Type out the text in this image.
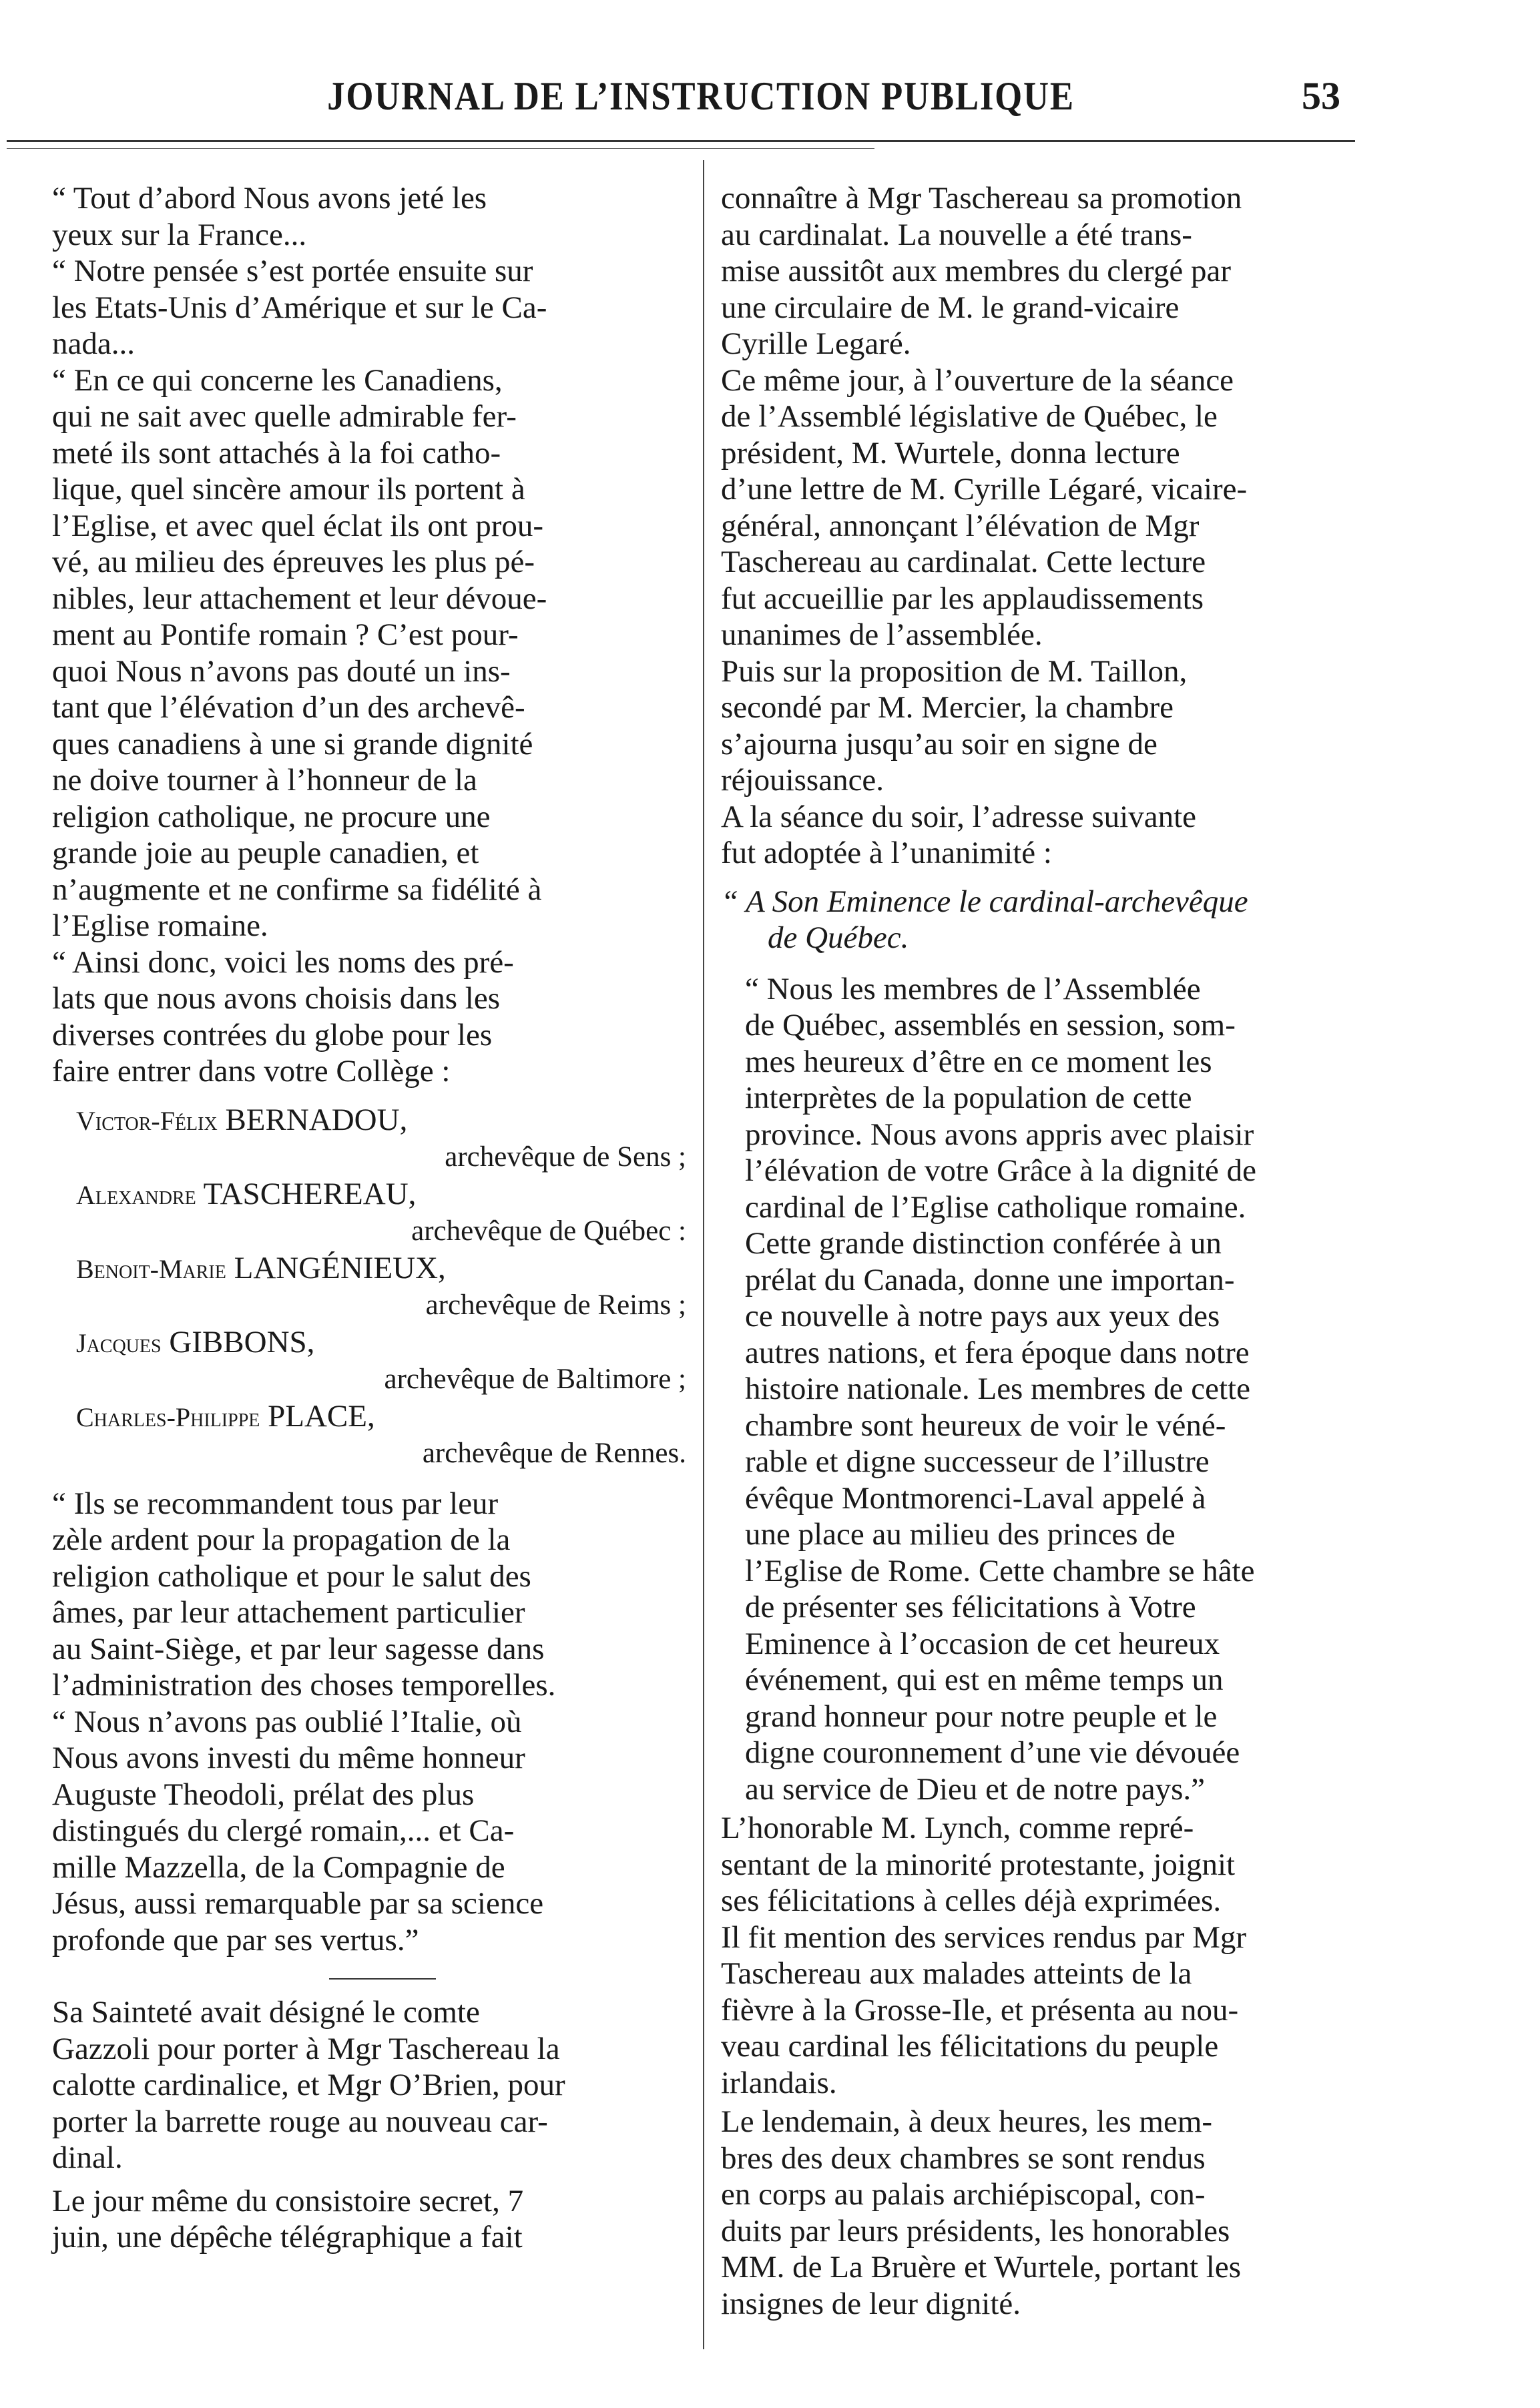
JOURNAL DE L’INSTRUCTION PUBLIQUE	53
“ Tout d’abord Nous avons jeté les
yeux sur la France...
“ Notre pensée s’est portée ensuite sur
les Etats-Unis d’Amérique et sur le Ca-
nada...
“ En ce qui concerne les Canadiens,
qui ne sait avec quelle admirable fer-
meté ils sont attachés à la foi catho-
lique, quel sincère amour ils portent à
l’Eglise, et avec quel éclat ils ont prou-
vé, au milieu des épreuves les plus pé-
nibles, leur attachement et leur dévoue-
ment au Pontife romain ? C’est pour-
quoi Nous n’avons pas douté un ins-
tant que l’élévation d’un des archevê-
ques canadiens à une si grande dignité
ne doive tourner à l’honneur de la
religion catholique, ne procure une
grande joie au peuple canadien, et
n’augmente et ne confirme sa fidélité à
l’Eglise romaine.
“ Ainsi donc, voici les noms des pré-
lats que nous avons choisis dans les
diverses contrées du globe pour les
faire entrer dans votre Collège :
Victor-Félix BERNADOU,
archevêque de Sens ;
Alexandre TASCHEREAU,
archevêque de Québec :
Benoit-Marie LANGÉNIEUX,
archevêque de Reims ;
Jacques GIBBONS,
archevêque de Baltimore ;
Charles-Philippe PLACE,
archevêque de Rennes.
“ Ils se recommandent tous par leur
zèle ardent pour la propagation de la
religion catholique et pour le salut des
âmes, par leur attachement particulier
au Saint-Siège, et par leur sagesse dans
l’administration des choses temporelles.
“ Nous n’avons pas oublié l’Italie, où
Nous avons investi du même honneur
Auguste Theodoli, prélat des plus
distingués du clergé romain,... et Ca-
mille Mazzella, de la Compagnie de
Jésus, aussi remarquable par sa science
profonde que par ses vertus.”
Sa Sainteté avait désigné le comte
Gazzoli pour porter à Mgr Taschereau la
calotte cardinalice, et Mgr O’Brien, pour
porter la barrette rouge au nouveau car-
dinal.
Le jour même du consistoire secret, 7
juin, une dépêche télégraphique a fait
connaître à Mgr Taschereau sa promotion
au cardinalat. La nouvelle a été trans-
mise aussitôt aux membres du clergé par
une circulaire de M. le grand-vicaire
Cyrille Legaré.
Ce même jour, à l’ouverture de la séance
de l’Assemblé législative de Québec, le
président, M. Wurtele, donna lecture
d’une lettre de M. Cyrille Légaré, vicaire-
général, annonçant l’élévation de Mgr
Taschereau au cardinalat. Cette lecture
fut accueillie par les applaudissements
unanimes de l’assemblée.
Puis sur la proposition de M. Taillon,
secondé par M. Mercier, la chambre
s’ajourna jusqu’au soir en signe de
réjouissance.
A la séance du soir, l’adresse suivante
fut adoptée à l’unanimité :
“ A Son Eminence le cardinal-archevêque
de Québec.
“ Nous les membres de l’Assemblée
de Québec, assemblés en session, som-
mes heureux d’être en ce moment les
interprètes de la population de cette
province. Nous avons appris avec plaisir
l’élévation de votre Grâce à la dignité de
cardinal de l’Eglise catholique romaine.
Cette grande distinction conférée à un
prélat du Canada, donne une importan-
ce nouvelle à notre pays aux yeux des
autres nations, et fera époque dans notre
histoire nationale. Les membres de cette
chambre sont heureux de voir le véné-
rable et digne successeur de l’illustre
évêque Montmorenci-Laval appelé à
une place au milieu des princes de
l’Eglise de Rome. Cette chambre se hâte
de présenter ses félicitations à Votre
Eminence à l’occasion de cet heureux
événement, qui est en même temps un
grand honneur pour notre peuple et le
digne couronnement d’une vie dévouée
au service de Dieu et de notre pays.”
L’honorable M. Lynch, comme repré-
sentant de la minorité protestante, joignit
ses félicitations à celles déjà exprimées.
Il fit mention des services rendus par Mgr
Taschereau aux malades atteints de la
fièvre à la Grosse-Ile, et présenta au nou-
veau cardinal les félicitations du peuple
irlandais.
Le lendemain, à deux heures, les mem-
bres des deux chambres se sont rendus
en corps au palais archiépiscopal, con-
duits par leurs présidents, les honorables
MM. de La Bruère et Wurtele, portant les
insignes de leur dignité.
